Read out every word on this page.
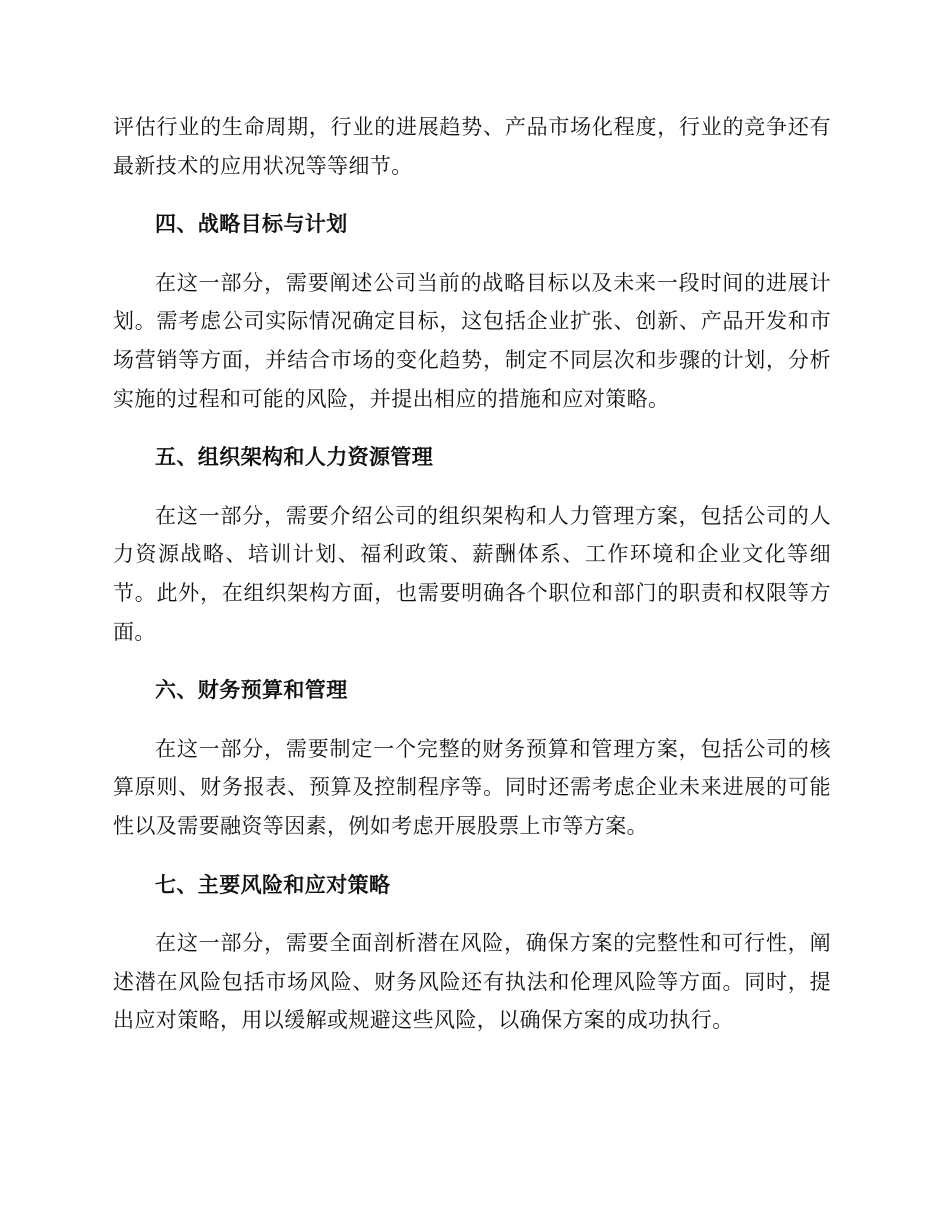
评估行业的生命周期，行业的进展趋势、产品市场化程度，行业的竞争还有最新技术的应用状况等等细节。

四、战略目标与计划

在这一部分，需要阐述公司当前的战略目标以及未来一段时间的进展计划。需考虑公司实际情况确定目标，这包括企业扩张、创新、产品开发和市场营销等方面，并结合市场的变化趋势，制定不同层次和步骤的计划，分析实施的过程和可能的风险，并提出相应的措施和应对策略。

五、组织架构和人力资源管理

在这一部分，需要介绍公司的组织架构和人力管理方案，包括公司的人力资源战略、培训计划、福利政策、薪酬体系、工作环境和企业文化等细节。此外，在组织架构方面，也需要明确各个职位和部门的职责和权限等方面。

六、财务预算和管理

在这一部分，需要制定一个完整的财务预算和管理方案，包括公司的核算原则、财务报表、预算及控制程序等。同时还需考虑企业未来进展的可能性以及需要融资等因素，例如考虑开展股票上市等方案。

七、主要风险和应对策略

在这一部分，需要全面剖析潜在风险，确保方案的完整性和可行性，阐述潜在风险包括市场风险、财务风险还有执法和伦理风险等方面。同时，提出应对策略，用以缓解或规避这些风险，以确保方案的成功执行。
